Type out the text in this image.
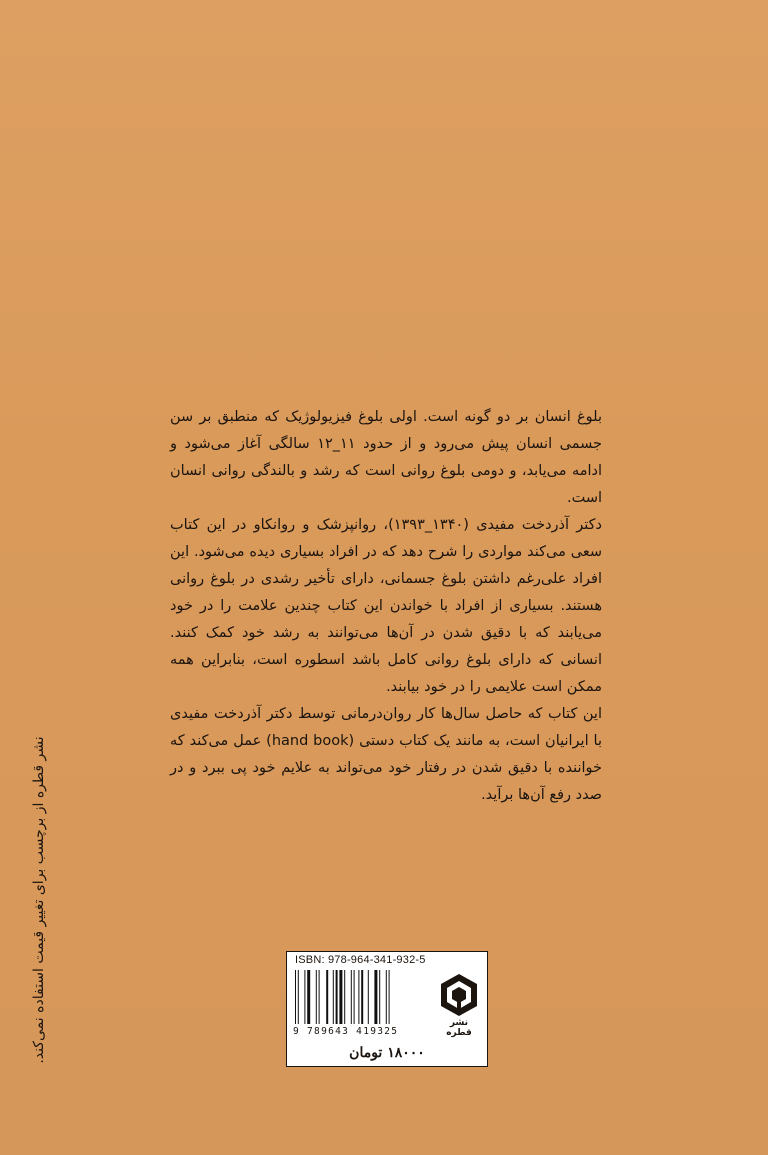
بلوغ انسان بر دو گونه است. اولی بلوغ فیزیولوژیک که منطبق بر سن جسمی انسان پیش می‌رود و از حدود ۱۱_۱۲ سالگی آغاز می‌شود و ادامه می‌یابد، و دومی بلوغ روانی است که رشد و بالندگی روانی انسان است.

دکتر آذردخت مفیدی (۱۳۴۰_۱۳۹۳)، روانپزشک و روانکاو در این کتاب سعی می‌کند مواردی را شرح دهد که در افراد بسیاری دیده می‌شود. این افراد علی‌رغم داشتن بلوغ جسمانی، دارای تأخیر رشدی در بلوغ روانی هستند. بسیاری از افراد با خواندن این کتاب چندین علامت را در خود می‌یابند که با دقیق شدن در آن‌ها می‌توانند به رشد خود کمک کنند. انسانی که دارای بلوغ روانی کامل باشد اسطوره است، بنابراین همه ممکن است علایمی را در خود بیابند.

این کتاب که حاصل سال‌ها کار روان‌درمانی توسط دکتر آذردخت مفیدی با ایرانیان است، به مانند یک کتاب دستی (hand book) عمل می‌کند که خواننده با دقیق شدن در رفتار خود می‌تواند به علایم خود پی ببرد و در صدد رفع آن‌ها برآید.

نشر قطره از برچسب برای تغییر قیمت استفاده نمی‌کند.	ISBN: 978-964-341-932-5
9 789643 419325
نشر قطره
۱۸۰۰۰ تومان
